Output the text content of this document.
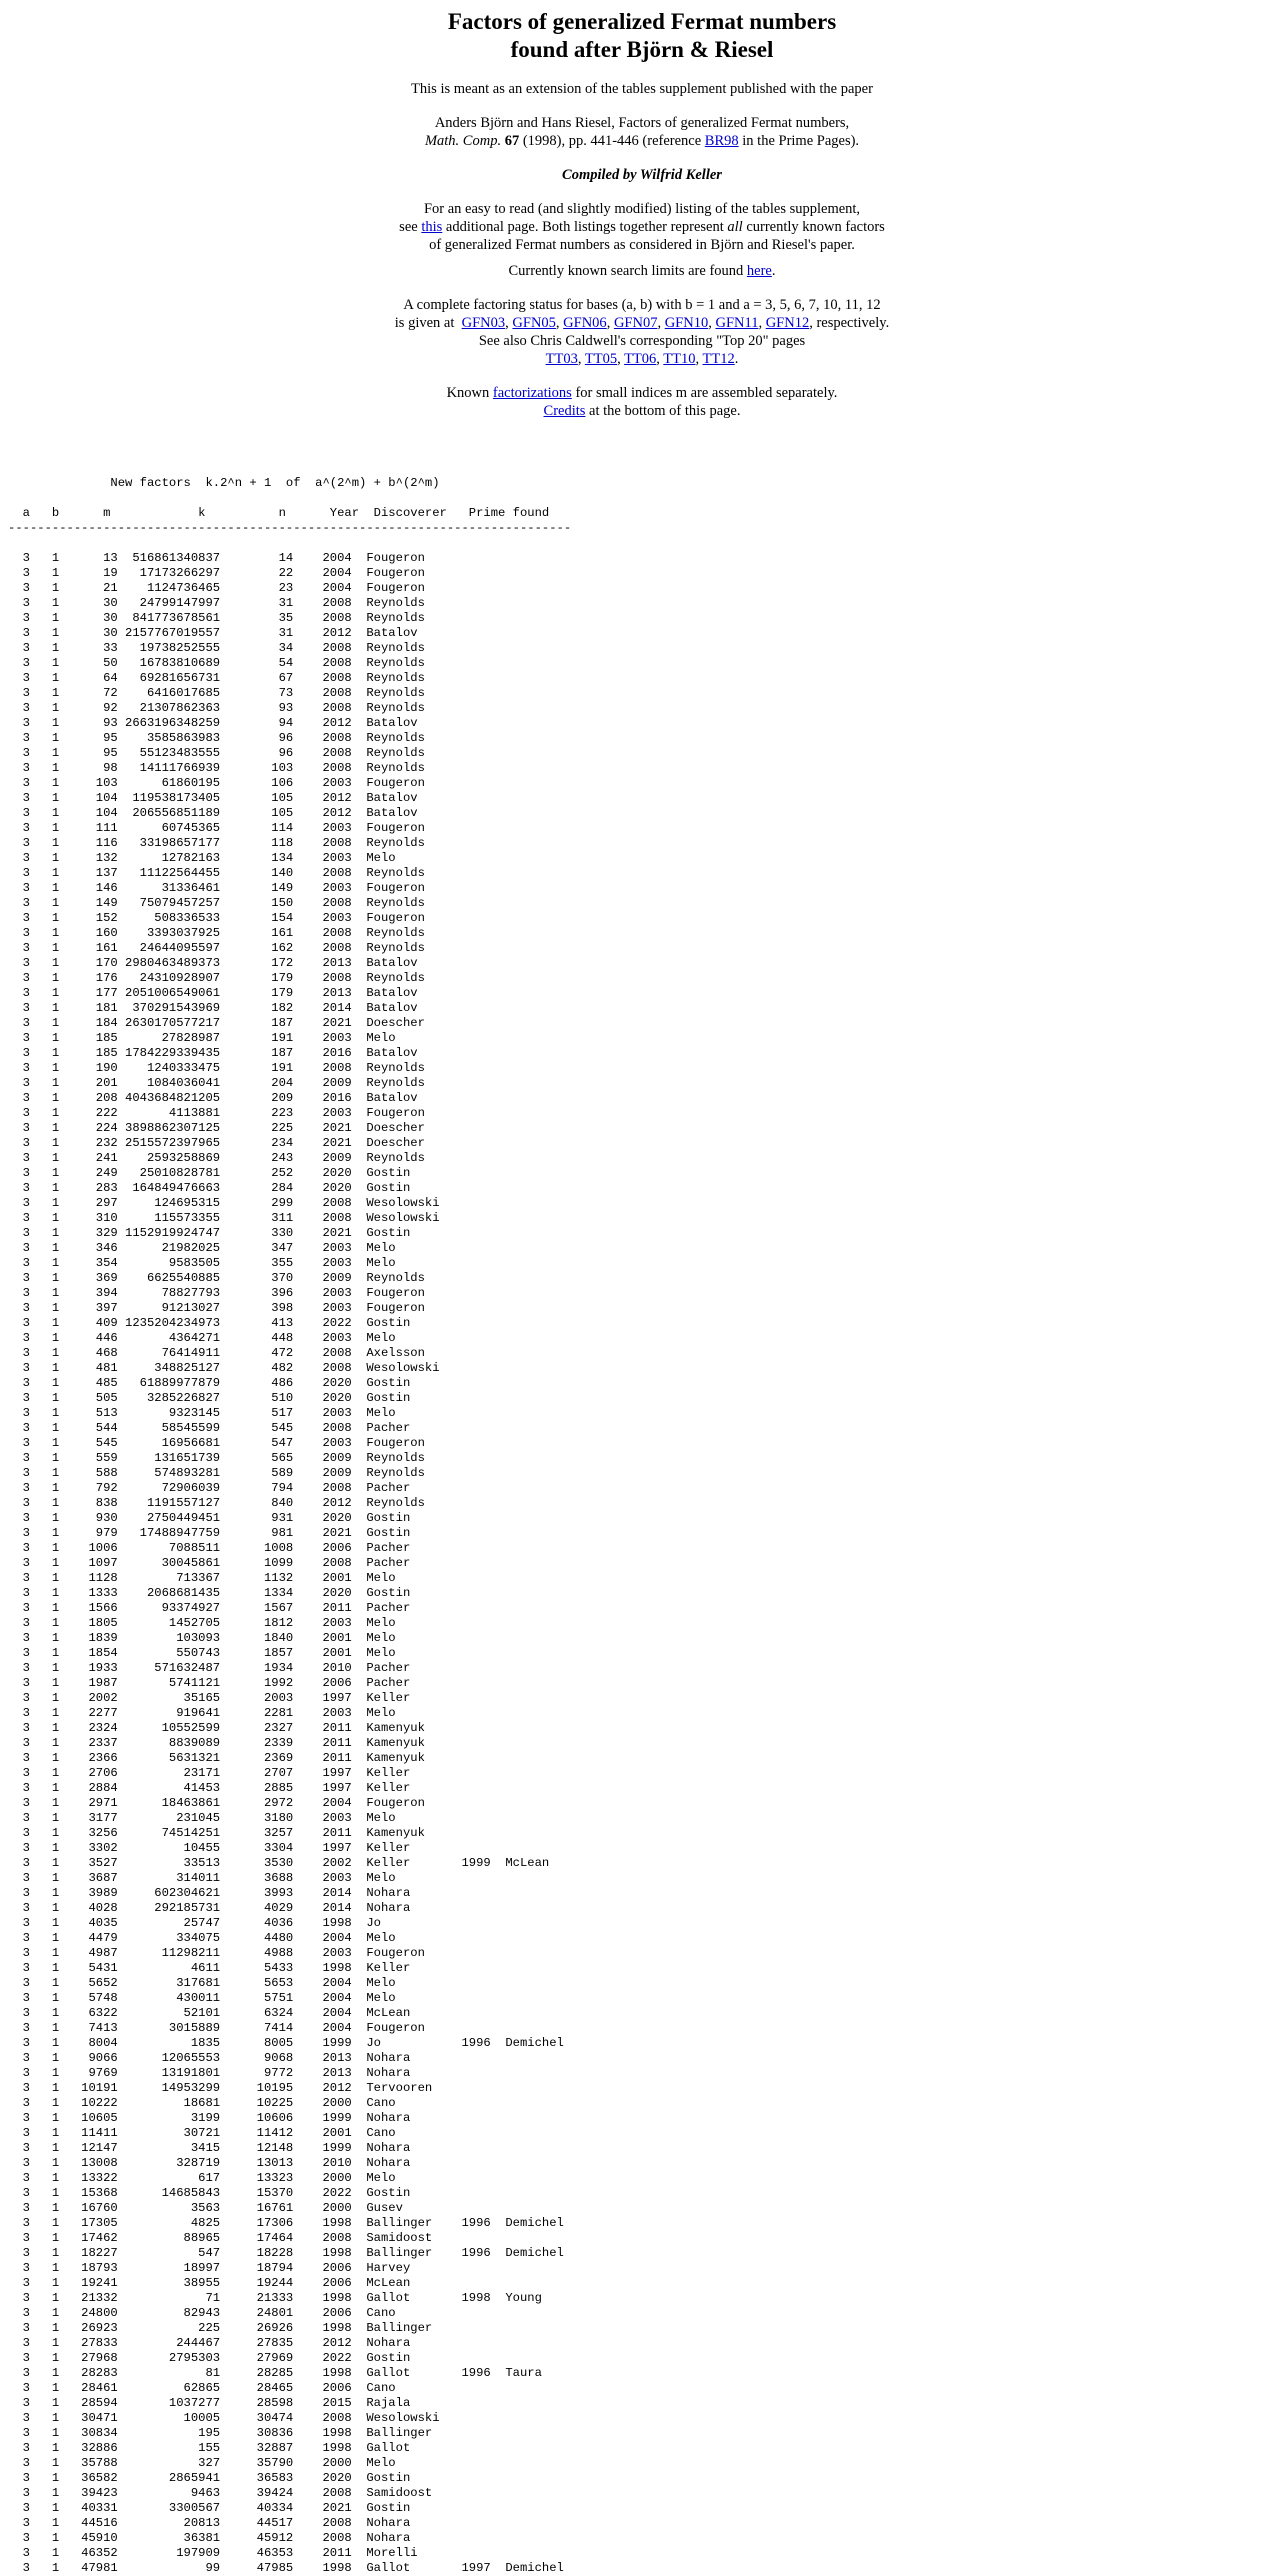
Factors of generalized Fermat numbers
found after Björn & Riesel

This is meant as an extension of the tables supplement published with the paper

Anders Björn and Hans Riesel, Factors of generalized Fermat numbers,

Math. Comp. 67 (1998), pp. 441-446 (reference BR98 in the Prime Pages).

Compiled by Wilfrid Keller

For an easy to read (and slightly modified) listing of the tables supplement,

see this additional page. Both listings together represent all currently known factors

of generalized Fermat numbers as considered in Björn and Riesel's paper.

Currently known search limits are found here.

A complete factoring status for bases (a, b) with b = 1 and a = 3, 5, 6, 7, 10, 11, 12

is given at GFN03, GFN05, GFN06, GFN07, GFN10, GFN11, GFN12, respectively.

See also Chris Caldwell's corresponding "Top 20" pages

TT03, TT05, TT06, TT10, TT12.

Known factorizations for small indices m are assembled separately.

Credits at the bottom of this page.

New factors  k.2^n + 1  of  a^(2^m) + b^(2^m)

a   b      m            k          n      Year  Discoverer   Prime found
-----------------------------------------------------------------------------

3   1      13  516861340837        14    2004  Fougeron
3   1      19   17173266297        22    2004  Fougeron
3   1      21    1124736465        23    2004  Fougeron
3   1      30   24799147997        31    2008  Reynolds
3   1      30  841773678561        35    2008  Reynolds
3   1      30 2157767019557        31    2012  Batalov
3   1      33   19738252555        34    2008  Reynolds
3   1      50   16783810689        54    2008  Reynolds
3   1      64   69281656731        67    2008  Reynolds
3   1      72    6416017685        73    2008  Reynolds
3   1      92   21307862363        93    2008  Reynolds
3   1      93 2663196348259        94    2012  Batalov
3   1      95    3585863983        96    2008  Reynolds
3   1      95   55123483555        96    2008  Reynolds
3   1      98   14111766939       103    2008  Reynolds
3   1     103      61860195       106    2003  Fougeron
3   1     104  119538173405       105    2012  Batalov
3   1     104  206556851189       105    2012  Batalov
3   1     111      60745365       114    2003  Fougeron
3   1     116   33198657177       118    2008  Reynolds
3   1     132      12782163       134    2003  Melo
3   1     137   11122564455       140    2008  Reynolds
3   1     146      31336461       149    2003  Fougeron
3   1     149   75079457257       150    2008  Reynolds
3   1     152     508336533       154    2003  Fougeron
3   1     160    3393037925       161    2008  Reynolds
3   1     161   24644095597       162    2008  Reynolds
3   1     170 2980463489373       172    2013  Batalov
3   1     176   24310928907       179    2008  Reynolds
3   1     177 2051006549061       179    2013  Batalov
3   1     181  370291543969       182    2014  Batalov
3   1     184 2630170577217       187    2021  Doescher
3   1     185      27828987       191    2003  Melo
3   1     185 1784229339435       187    2016  Batalov
3   1     190    1240333475       191    2008  Reynolds
3   1     201    1084036041       204    2009  Reynolds
3   1     208 4043684821205       209    2016  Batalov
3   1     222       4113881       223    2003  Fougeron
3   1     224 3898862307125       225    2021  Doescher
3   1     232 2515572397965       234    2021  Doescher
3   1     241    2593258869       243    2009  Reynolds
3   1     249   25010828781       252    2020  Gostin
3   1     283  164849476663       284    2020  Gostin
3   1     297     124695315       299    2008  Wesolowski
3   1     310     115573355       311    2008  Wesolowski
3   1     329 1152919924747       330    2021  Gostin
3   1     346      21982025       347    2003  Melo
3   1     354       9583505       355    2003  Melo
3   1     369    6625540885       370    2009  Reynolds
3   1     394      78827793       396    2003  Fougeron
3   1     397      91213027       398    2003  Fougeron
3   1     409 1235204234973       413    2022  Gostin
3   1     446       4364271       448    2003  Melo
3   1     468      76414911       472    2008  Axelsson
3   1     481     348825127       482    2008  Wesolowski
3   1     485   61889977879       486    2020  Gostin
3   1     505    3285226827       510    2020  Gostin
3   1     513       9323145       517    2003  Melo
3   1     544      58545599       545    2008  Pacher
3   1     545      16956681       547    2003  Fougeron
3   1     559     131651739       565    2009  Reynolds
3   1     588     574893281       589    2009  Reynolds
3   1     792      72906039       794    2008  Pacher
3   1     838    1191557127       840    2012  Reynolds
3   1     930    2750449451       931    2020  Gostin
3   1     979   17488947759       981    2021  Gostin
3   1    1006       7088511      1008    2006  Pacher
3   1    1097      30045861      1099    2008  Pacher
3   1    1128        713367      1132    2001  Melo
3   1    1333    2068681435      1334    2020  Gostin
3   1    1566      93374927      1567    2011  Pacher
3   1    1805       1452705      1812    2003  Melo
3   1    1839        103093      1840    2001  Melo
3   1    1854        550743      1857    2001  Melo
3   1    1933     571632487      1934    2010  Pacher
3   1    1987       5741121      1992    2006  Pacher
3   1    2002         35165      2003    1997  Keller
3   1    2277        919641      2281    2003  Melo
3   1    2324      10552599      2327    2011  Kamenyuk
3   1    2337       8839089      2339    2011  Kamenyuk
3   1    2366       5631321      2369    2011  Kamenyuk
3   1    2706         23171      2707    1997  Keller
3   1    2884         41453      2885    1997  Keller
3   1    2971      18463861      2972    2004  Fougeron
3   1    3177        231045      3180    2003  Melo
3   1    3256      74514251      3257    2011  Kamenyuk
3   1    3302         10455      3304    1997  Keller
3   1    3527         33513      3530    2002  Keller       1999  McLean
3   1    3687        314011      3688    2003  Melo
3   1    3989     602304621      3993    2014  Nohara
3   1    4028     292185731      4029    2014  Nohara
3   1    4035         25747      4036    1998  Jo
3   1    4479        334075      4480    2004  Melo
3   1    4987      11298211      4988    2003  Fougeron
3   1    5431          4611      5433    1998  Keller
3   1    5652        317681      5653    2004  Melo
3   1    5748        430011      5751    2004  Melo
3   1    6322         52101      6324    2004  McLean
3   1    7413       3015889      7414    2004  Fougeron
3   1    8004          1835      8005    1999  Jo           1996  Demichel
3   1    9066      12065553      9068    2013  Nohara
3   1    9769      13191801      9772    2013  Nohara
3   1   10191      14953299     10195    2012  Tervooren
3   1   10222         18681     10225    2000  Cano
3   1   10605          3199     10606    1999  Nohara
3   1   11411         30721     11412    2001  Cano
3   1   12147          3415     12148    1999  Nohara
3   1   13008        328719     13013    2010  Nohara
3   1   13322           617     13323    2000  Melo
3   1   15368      14685843     15370    2022  Gostin
3   1   16760          3563     16761    2000  Gusev
3   1   17305          4825     17306    1998  Ballinger    1996  Demichel
3   1   17462         88965     17464    2008  Samidoost
3   1   18227           547     18228    1998  Ballinger    1996  Demichel
3   1   18793         18997     18794    2006  Harvey
3   1   19241         38955     19244    2006  McLean
3   1   21332            71     21333    1998  Gallot       1998  Young
3   1   24800         82943     24801    2006  Cano
3   1   26923           225     26926    1998  Ballinger
3   1   27833        244467     27835    2012  Nohara
3   1   27968       2795303     27969    2022  Gostin
3   1   28283            81     28285    1998  Gallot       1996  Taura
3   1   28461         62865     28465    2006  Cano
3   1   28594       1037277     28598    2015  Rajala
3   1   30471         10005     30474    2008  Wesolowski
3   1   30834           195     30836    1998  Ballinger
3   1   32886           155     32887    1998  Gallot
3   1   35788           327     35790    2000  Melo
3   1   36582       2865941     36583    2020  Gostin
3   1   39423          9463     39424    2008  Samidoost
3   1   40331       3300567     40334    2021  Gostin
3   1   44516         20813     44517    2008  Nohara
3   1   45910         36381     45912    2008  Nohara
3   1   46352        197909     46353    2011  Morelli
3   1   47981            99     47985    1998  Gallot       1997  Demichel
